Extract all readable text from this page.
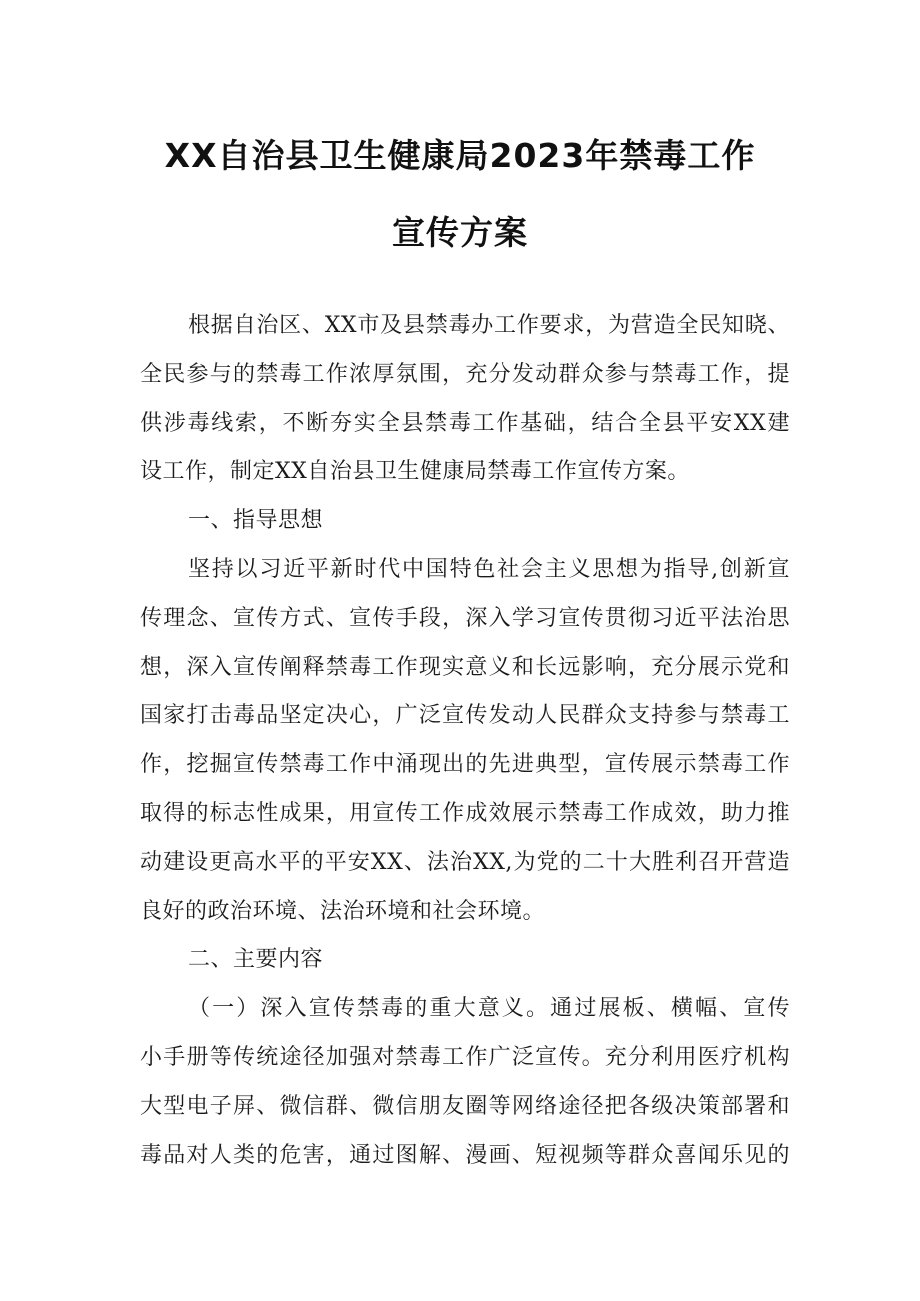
XX自治县卫生健康局2023年禁毒工作
宣传方案
根据自治区、XX市及县禁毒办工作要求，为营造全民知晓、
全民参与的禁毒工作浓厚氛围，充分发动群众参与禁毒工作，提
供涉毒线索，不断夯实全县禁毒工作基础，结合全县平安XX建
设工作，制定XX自治县卫生健康局禁毒工作宣传方案。
一、指导思想
坚持以习近平新时代中国特色社会主义思想为指导,创新宣
传理念、宣传方式、宣传手段，深入学习宣传贯彻习近平法治思
想，深入宣传阐释禁毒工作现实意义和长远影响，充分展示党和
国家打击毒品坚定决心，广泛宣传发动人民群众支持参与禁毒工
作，挖掘宣传禁毒工作中涌现出的先进典型，宣传展示禁毒工作
取得的标志性成果，用宣传工作成效展示禁毒工作成效，助力推
动建设更高水平的平安XX、法治XX,为党的二十大胜利召开营造
良好的政治环境、法治环境和社会环境。
二、主要内容
（一）深入宣传禁毒的重大意义。通过展板、横幅、宣传
小手册等传统途径加强对禁毒工作广泛宣传。充分利用医疗机构
大型电子屏、微信群、微信朋友圈等网络途径把各级决策部署和
毒品对人类的危害，通过图解、漫画、短视频等群众喜闻乐见的
